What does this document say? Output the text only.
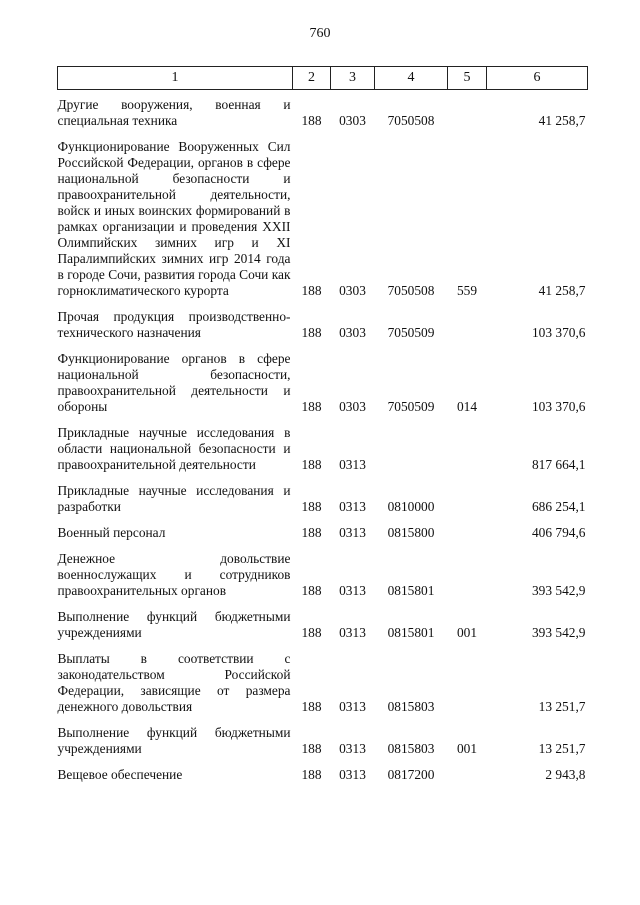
760
1	2	3	4	5	6
Другие вооружения, военная и специальная техника	188	0303	7050508		41 258,7
Функционирование Вооруженных Сил Российской Федерации, органов в сфере национальной безопасности и правоохранительной деятельности, войск и иных воинских формирований в рамках организации и проведения XXII Олимпийских зимних игр и XI Паралимпийских зимних игр 2014 года в городе Сочи, развития города Сочи как горноклиматического курорта	188	0303	7050508	559	41 258,7
Прочая продукция производственно-технического назначения	188	0303	7050509		103 370,6
Функционирование органов в сфере национальной безопасности, правоохранительной деятельности и обороны	188	0303	7050509	014	103 370,6
Прикладные научные исследования в области национальной безопасности и правоохранительной деятельности	188	0313			817 664,1
Прикладные научные исследования и разработки	188	0313	0810000		686 254,1
Военный персонал	188	0313	0815800		406 794,6
Денежное довольствие военнослужащих и сотрудников правоохранительных органов	188	0313	0815801		393 542,9
Выполнение функций бюджетными учреждениями	188	0313	0815801	001	393 542,9
Выплаты в соответствии с законодательством Российской Федерации, зависящие от размера денежного довольствия	188	0313	0815803		13 251,7
Выполнение функций бюджетными учреждениями	188	0313	0815803	001	13 251,7
Вещевое обеспечение	188	0313	0817200		2 943,8
